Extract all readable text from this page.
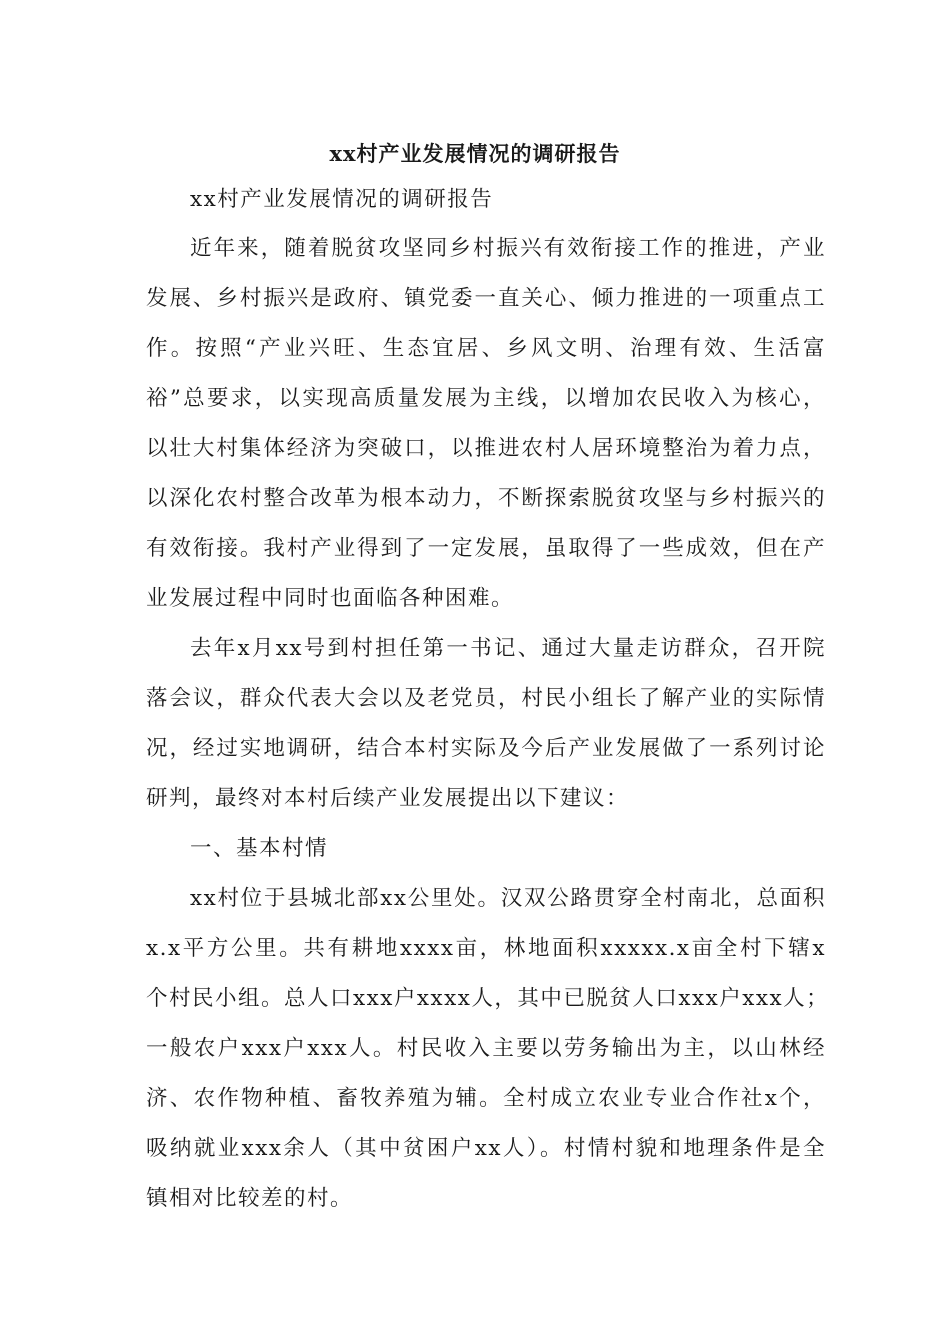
xx村产业发展情况的调研报告
xx村产业发展情况的调研报告
近年来，随着脱贫攻坚同乡村振兴有效衔接工作的推进，产业
发展、乡村振兴是政府、镇党委一直关心、倾力推进的一项重点工
作。按照“产业兴旺、生态宜居、乡风文明、治理有效、生活富
裕”总要求，以实现高质量发展为主线，以增加农民收入为核心，
以壮大村集体经济为突破口，以推进农村人居环境整治为着力点，
以深化农村整合改革为根本动力，不断探索脱贫攻坚与乡村振兴的
有效衔接。我村产业得到了一定发展，虽取得了一些成效，但在产
业发展过程中同时也面临各种困难。
去年x月xx号到村担任第一书记、通过大量走访群众，召开院
落会议，群众代表大会以及老党员，村民小组长了解产业的实际情
况，经过实地调研，结合本村实际及今后产业发展做了一系列讨论
研判，最终对本村后续产业发展提出以下建议：
一、基本村情
xx村位于县城北部xx公里处。汉双公路贯穿全村南北，总面积
x.x平方公里。共有耕地xxxx亩，林地面积xxxxx.x亩全村下辖x
个村民小组。总人口xxx户xxxx人，其中已脱贫人口xxx户xxx人；
一般农户xxx户xxx人。村民收入主要以劳务输出为主，以山林经
济、农作物种植、畜牧养殖为辅。全村成立农业专业合作社x个，
吸纳就业xxx余人（其中贫困户xx人）。村情村貌和地理条件是全
镇相对比较差的村。
